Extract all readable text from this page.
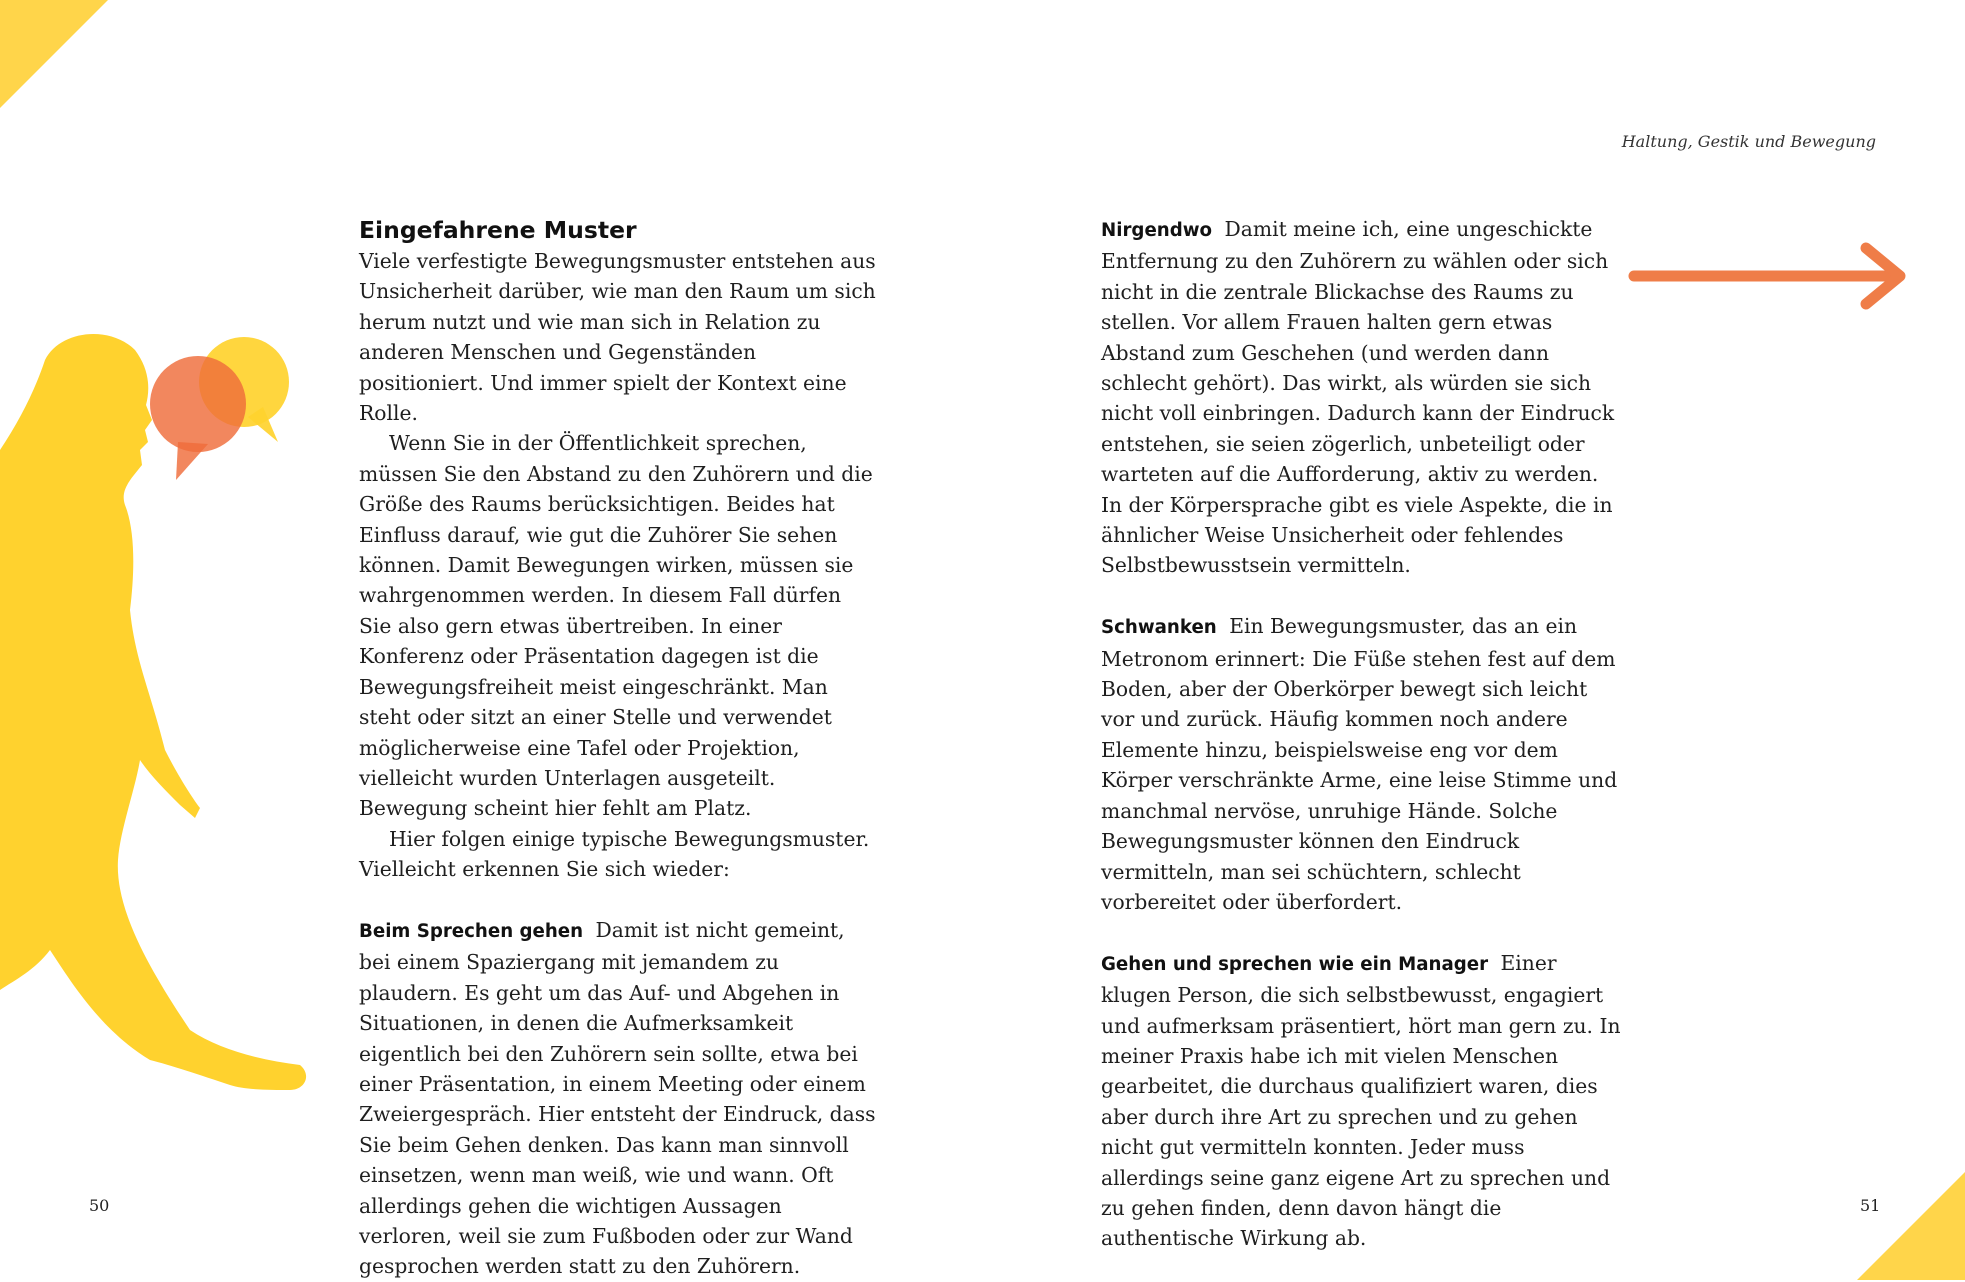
Haltung, Gestik und Bewegung
Eingefahrene Muster

Viele verfestigte Bewegungsmuster entstehen aus Unsicherheit darüber, wie man den Raum um sich herum nutzt und wie man sich in Relation zu anderen Menschen und Gegenständen positioniert. Und immer spielt der Kontext eine Rolle.

Wenn Sie in der Öffentlichkeit sprechen, müssen Sie den Abstand zu den Zuhörern und die Größe des Raums berücksichtigen. Beides hat Einfluss darauf, wie gut die Zuhörer Sie sehen können. Damit Bewegungen wirken, müssen sie wahrgenommen werden. In diesem Fall dürfen Sie also gern etwas übertreiben. In einer Konferenz oder Präsentation dagegen ist die Bewegungsfreiheit meist eingeschränkt. Man steht oder sitzt an einer Stelle und verwendet möglicherweise eine Tafel oder Projektion, vielleicht wurden Unterlagen ausgeteilt. Bewegung scheint hier fehlt am Platz.

Hier folgen einige typische Bewegungsmuster. Vielleicht erkennen Sie sich wieder:

Beim Sprechen gehen Damit ist nicht gemeint, bei einem Spaziergang mit jemandem zu plaudern. Es geht um das Auf- und Abgehen in Situationen, in denen die Aufmerksamkeit eigentlich bei den Zuhörern sein sollte, etwa bei einer Präsentation, in einem Meeting oder einem Zweiergespräch. Hier entsteht der Eindruck, dass Sie beim Gehen denken. Das kann man sinnvoll einsetzen, wenn man weiß, wie und wann. Oft allerdings gehen die wichtigen Aussagen verloren, weil sie zum Fußboden oder zur Wand gesprochen werden statt zu den Zuhörern.

Nirgendwo Damit meine ich, eine ungeschickte Entfernung zu den Zuhörern zu wählen oder sich nicht in die zentrale Blickachse des Raums zu stellen. Vor allem Frauen halten gern etwas Abstand zum Geschehen (und werden dann schlecht gehört). Das wirkt, als würden sie sich nicht voll einbringen. Dadurch kann der Eindruck entstehen, sie seien zögerlich, unbeteiligt oder warteten auf die Aufforderung, aktiv zu werden. In der Körpersprache gibt es viele Aspekte, die in ähnlicher Weise Unsicherheit oder fehlendes Selbstbewusstsein vermitteln.

Schwanken Ein Bewegungsmuster, das an ein Metronom erinnert: Die Füße stehen fest auf dem Boden, aber der Oberkörper bewegt sich leicht vor und zurück. Häufig kommen noch andere Elemente hinzu, beispielsweise eng vor dem Körper verschränkte Arme, eine leise Stimme und manchmal nervöse, unruhige Hände. Solche Bewegungsmuster können den Eindruck vermitteln, man sei schüchtern, schlecht vorbereitet oder überfordert.

Gehen und sprechen wie ein Manager Einer klugen Person, die sich selbstbewusst, engagiert und aufmerksam präsentiert, hört man gern zu. In meiner Praxis habe ich mit vielen Menschen gearbeitet, die durchaus qualifiziert waren, dies aber durch ihre Art zu sprechen und zu gehen nicht gut vermitteln konnten. Jeder muss allerdings seine ganz eigene Art zu sprechen und zu gehen finden, denn davon hängt die authentische Wirkung ab.

50	51
